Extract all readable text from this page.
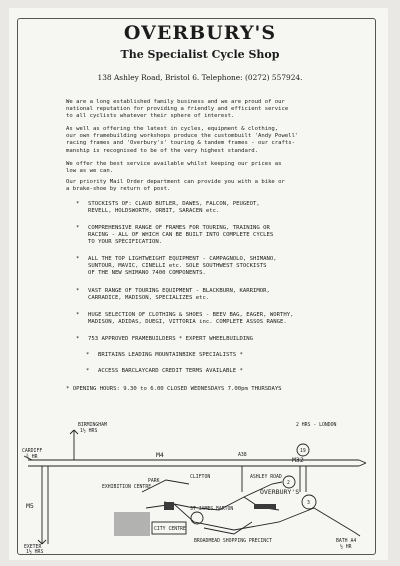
OVERBURY'S
The Specialist Cycle Shop
138 Ashley Road, Bristol 6. Telephone: (0272) 557924.
We are a long established family business and we are proud of our
national reputation for providing a friendly and efficient service
to all cyclists whatever their sphere of interest.
As well as offering the latest in cycles, equipment & clothing,
our own framebuilding workshops produce the custombuilt 'Andy Powell'
racing frames and 'Overbury's' touring & tandem frames - our crafts-
manship is recognised to be of the very highest standard.
We offer the best service available whilst keeping our prices as
low as we can.
Our priority Mail Order department can provide you with a bike or
a brake-shoe by return of post.
* STOCKISTS OF: CLAUD BUTLER, DAWES, FALCON, PEUGEOT,
REVELL, HOLDSWORTH, ORBIT, SARACEN etc.
* COMPREHENSIVE RANGE OF FRAMES FOR TOURING, TRAINING OR
RACING - ALL OF WHICH CAN BE BUILT INTO COMPLETE CYCLES
TO YOUR SPECIFICATION.
* ALL THE TOP LIGHTWEIGHT EQUIPMENT - CAMPAGNOLO, SHIMANO,
SUNTOUR, MAVIC, CINELLI etc. SOLE SOUTHWEST STOCKISTS
OF THE NEW SHIMANO 7400 COMPONENTS.
* VAST RANGE OF TOURING EQUIPMENT - BLACKBURN, KARRIMOR,
CARRADICE, MADISON, SPECIALIZES etc.
* HUGE SELECTION OF CLOTHING & SHOES - BEEV BAG, EAGER, WORTHY,
MADISON, ADIDAS, DUEGI, VITTORIA inc. COMPLETE ASSOS RANGE.
* 753 APPROVED FRAMEBUILDERS * EXPERT WHEELBUILDING
* BRITAINS LEADING MOUNTAINBIKE SPECIALISTS *
* ACCESS BARCLAYCARD CREDIT TERMS AVAILABLE *
* OPENING HOURS: 9.30 to 6.00 CLOSED WEDNESDAYS 7.00pm THURSDAYS
BIRMINGHAM
1½ HRS
2 HRS - LONDON
CARDIFF
¾ HR	M4
M5
M32
A38
ASHLEY ROAD
OVERBURY'S
CLIFTON
PARK
EXHIBITION CENTRE
CITY CENTRE
ST JAMES BARTON
BROADMEAD SHOPPING PRECINCT	BATH A4
½ HR
EXETER
1½ HRS
19
2
3
